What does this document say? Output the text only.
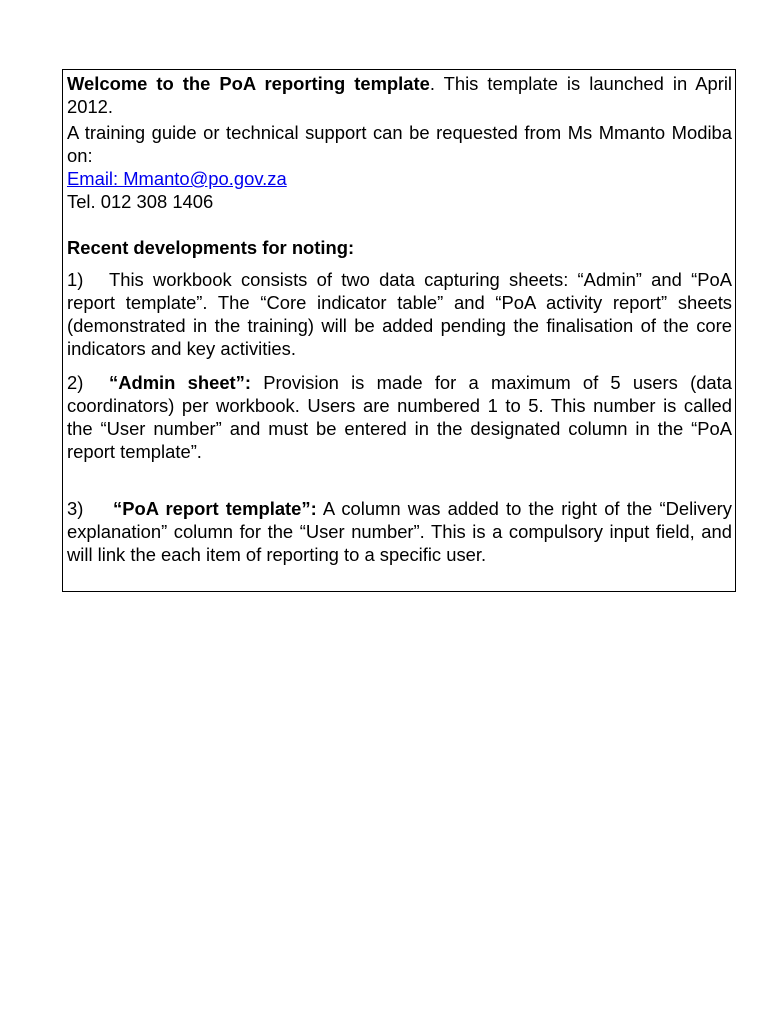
Welcome to the PoA reporting template. This template is launched in April 2012.

A training guide or technical support can be requested from Ms Mmanto Modiba on:

Email: Mmanto@po.gov.za

Tel. 012 308 1406

Recent developments for noting:

1) This workbook consists of two data capturing sheets: “Admin” and “PoA report template”. The “Core indicator table” and “PoA activity report” sheets (demonstrated in the training) will be added pending the finalisation of the core indicators and key activities.

2) “Admin sheet”: Provision is made for a maximum of 5 users (data coordinators) per workbook. Users are numbered 1 to 5. This number is called the “User number” and must be entered in the designated column in the “PoA report template”.

3) “PoA report template”: A column was added to the right of the “Delivery explanation” column for the “User number”. This is a compulsory input field, and will link the each item of reporting to a specific user.
